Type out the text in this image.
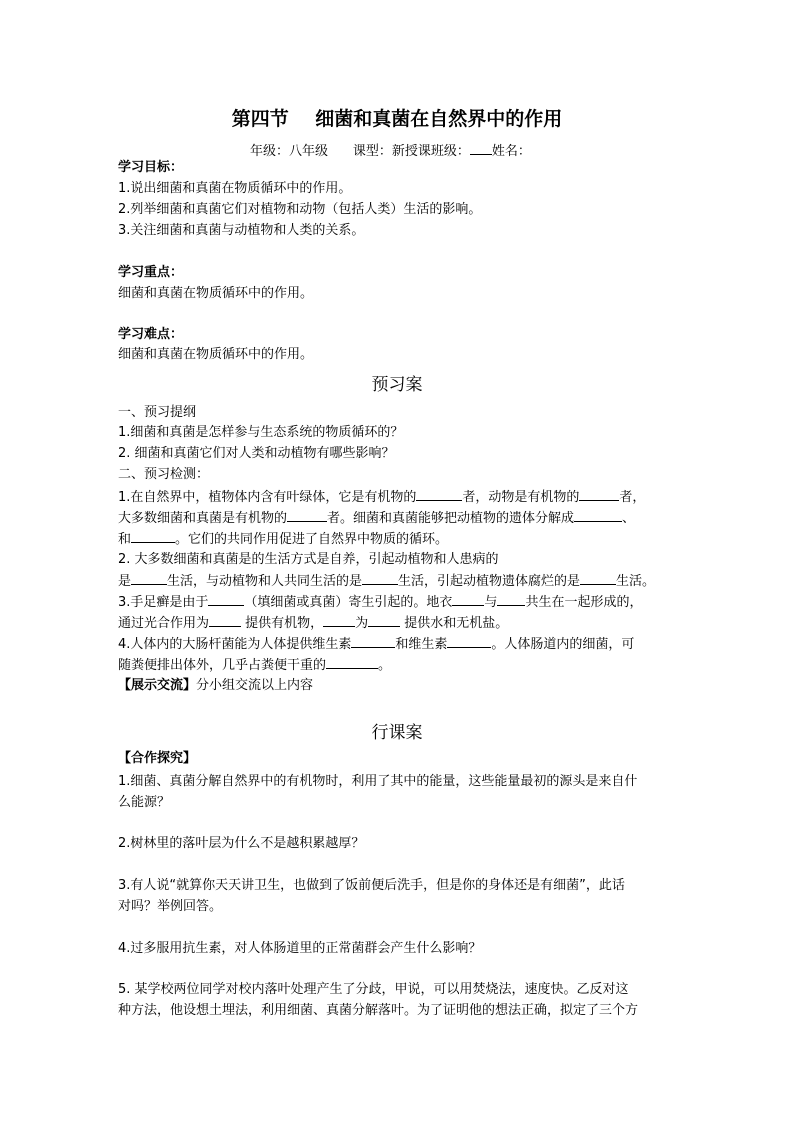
第四节    细菌和真菌在自然界中的作用
年级：八年级 课型：新授课班级： 姓名：
学习目标：
1.说出细菌和真菌在物质循环中的作用。
2.列举细菌和真菌它们对植物和动物（包括人类）生活的影响。
3.关注细菌和真菌与动植物和人类的关系。
学习重点：
细菌和真菌在物质循环中的作用。
学习难点：
细菌和真菌在物质循环中的作用。
预习案
一、预习提纲
1.细菌和真菌是怎样参与生态系统的物质循环的？
2. 细菌和真菌它们对人类和动植物有哪些影响？
二、预习检测：
1.在自然界中，植物体内含有叶绿体，它是有机物的	者，动物是有机物的	者，
大多数细菌和真菌是有机物的	者。细菌和真菌能够把动植物的遗体分解成	、
和	。它们的共同作用促进了自然界中物质的循环。
2. 大多数细菌和真菌是的生活方式是自养，引起动植物和人患病的
是	生活，与动植物和人共同生活的是	生活，引起动植物遗体腐烂的是	生活。
3.手足癣是由于	（填细菌或真菌）寄生引起的。地衣 与 共生在一起形成的，
通过光合作用为 提供有机物， 为 提供水和无机盐。
4.人体内的大肠杆菌能为人体提供维生素	和维生素	。人体肠道内的细菌，可
随粪便排出体外，几乎占粪便干重的	。
【展示交流】分小组交流以上内容
行课案
【合作探究】
1.细菌、真菌分解自然界中的有机物时，利用了其中的能量，这些能量最初的源头是来自什
么能源？
2.树林里的落叶层为什么不是越积累越厚？
3.有人说“就算你天天讲卫生，也做到了饭前便后洗手，但是你的身体还是有细菌”，此话
对吗？举例回答。
4.过多服用抗生素，对人体肠道里的正常菌群会产生什么影响？
5. 某学校两位同学对校内落叶处理产生了分歧，甲说，可以用焚烧法，速度快。乙反对这
种方法，他设想土埋法，利用细菌、真菌分解落叶。为了证明他的想法正确，拟定了三个方
